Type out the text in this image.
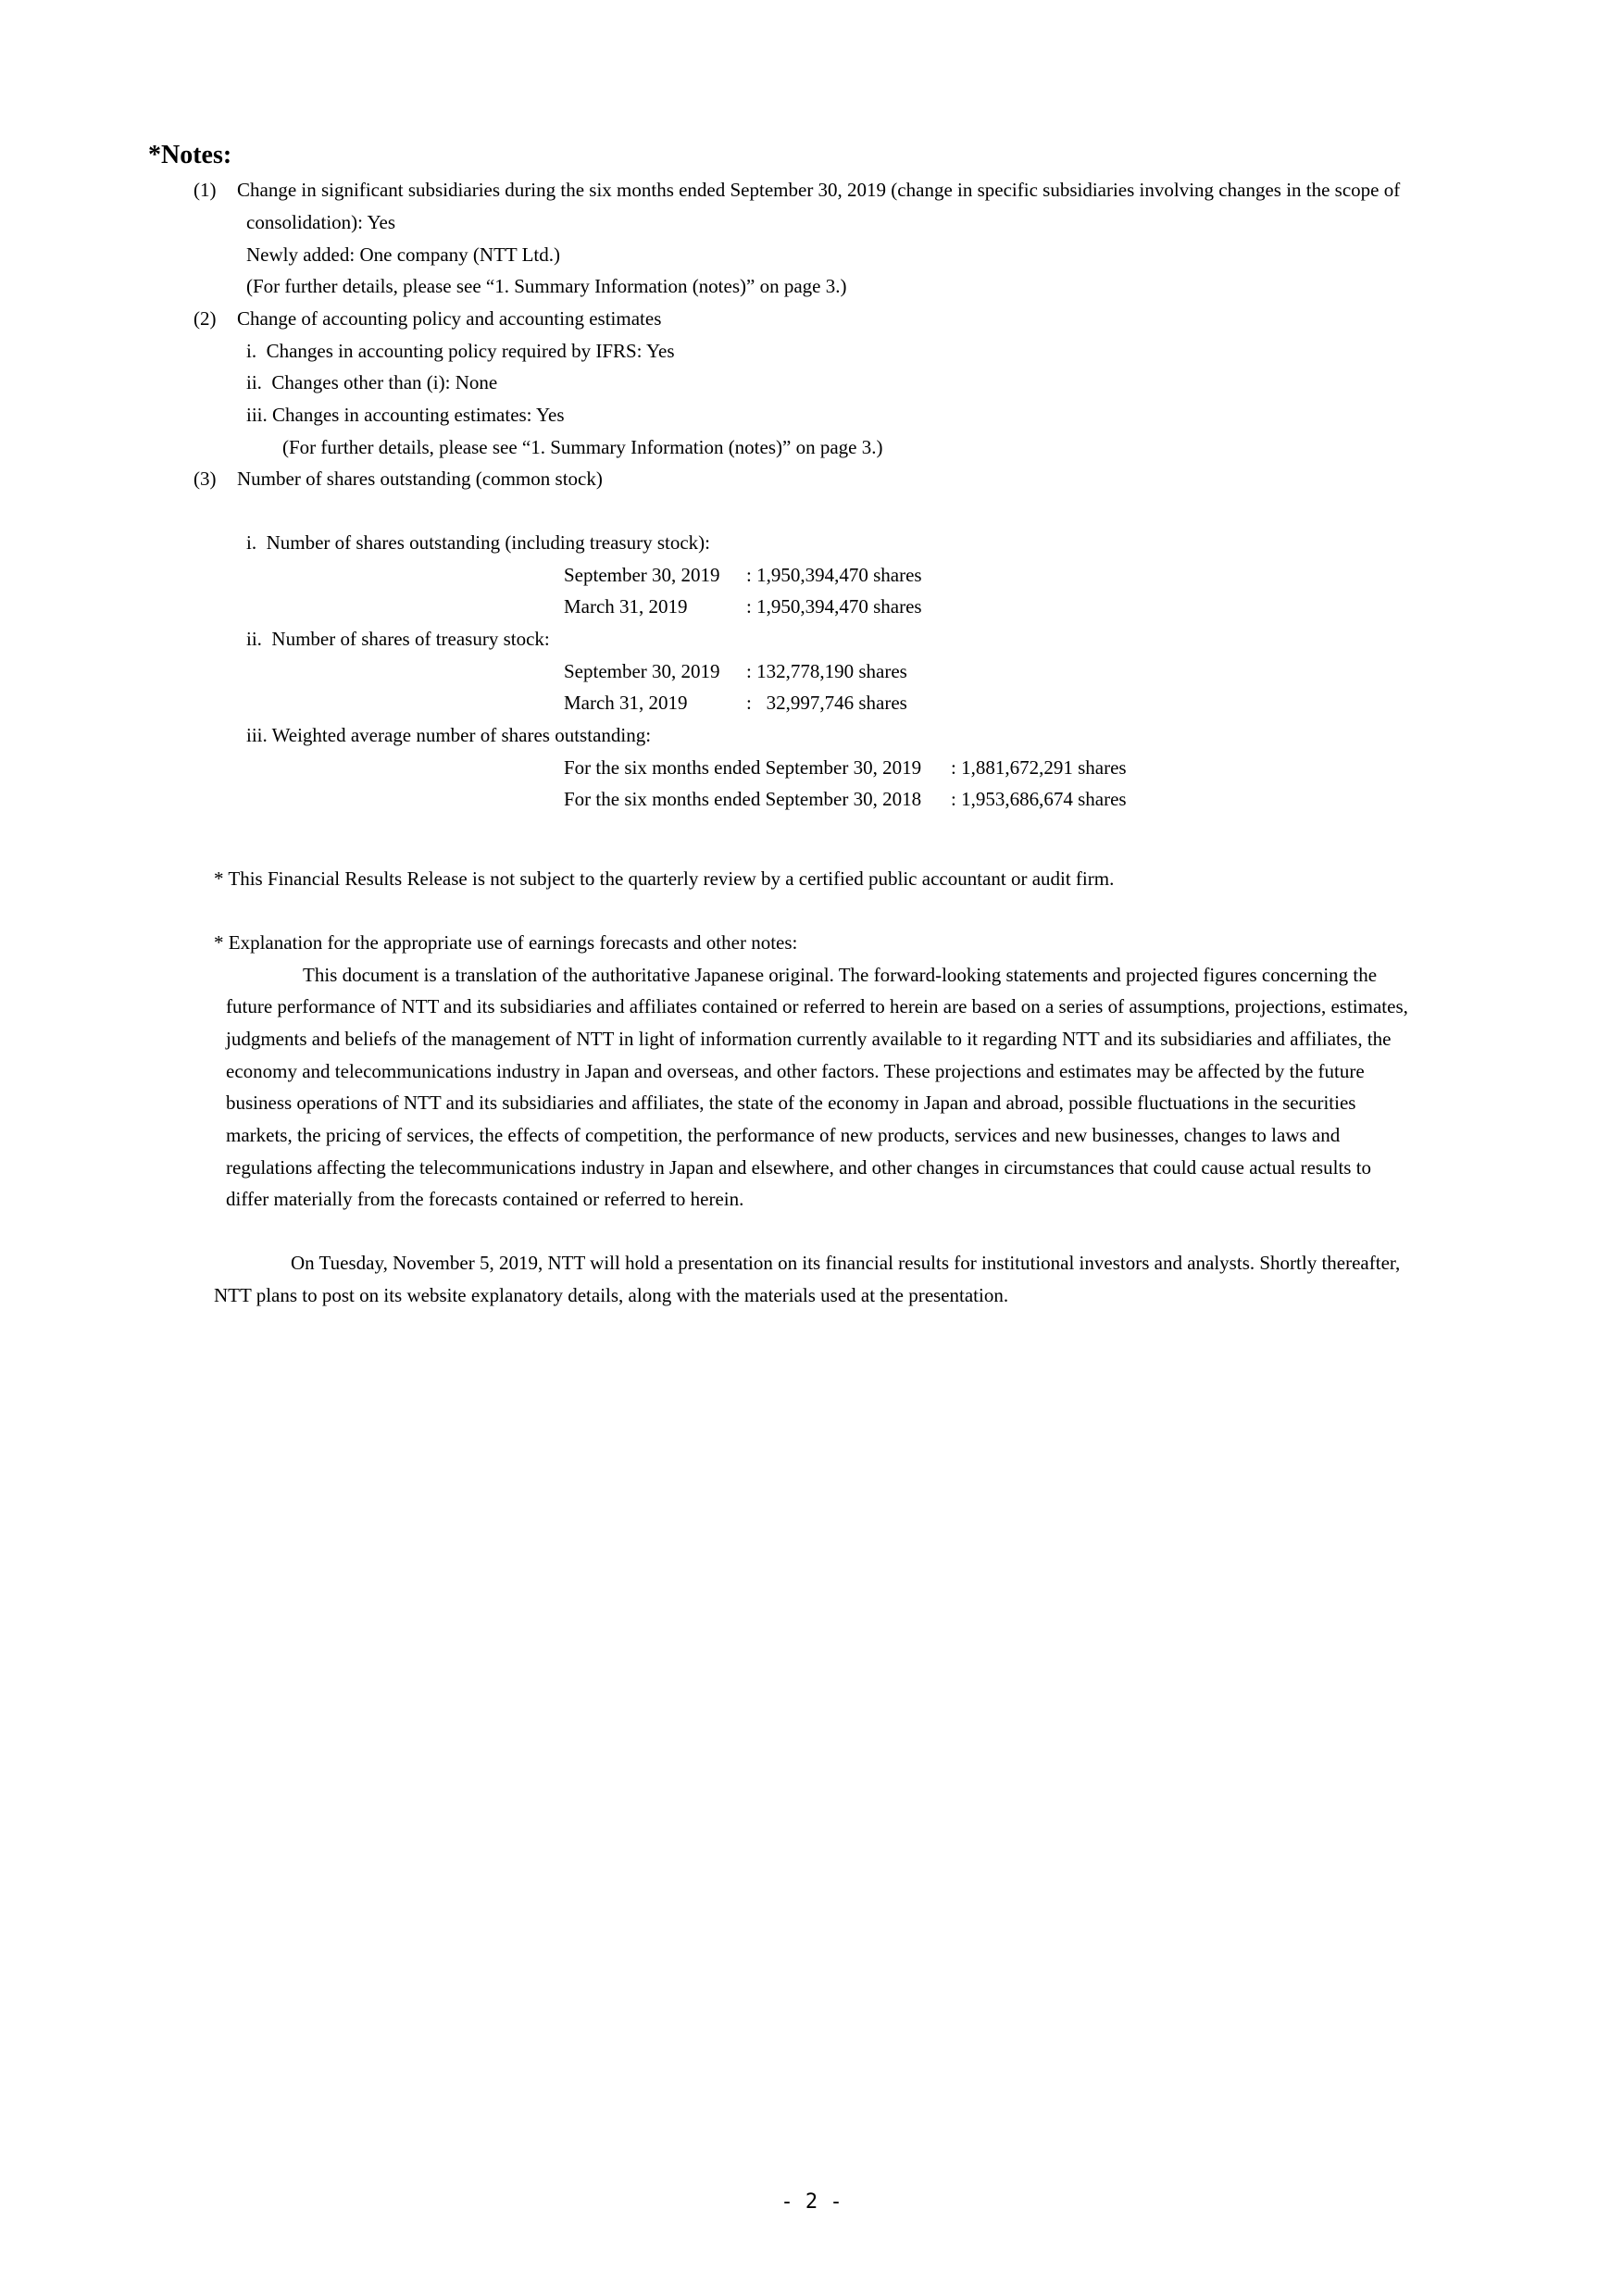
*Notes:
(1) Change in significant subsidiaries during the six months ended September 30, 2019 (change in specific subsidiaries involving changes in the scope of
consolidation): Yes
Newly added: One company (NTT Ltd.)
(For further details, please see “1. Summary Information (notes)” on page 3.)
(2) Change of accounting policy and accounting estimates
i.  Changes in accounting policy required by IFRS: Yes
ii.  Changes other than (i): None
iii. Changes in accounting estimates: Yes
(For further details, please see “1. Summary Information (notes)” on page 3.)
(3) Number of shares outstanding (common stock)
i.  Number of shares outstanding (including treasury stock):
September 30, 2019 : 1,950,394,470 shares
March 31, 2019	: 1,950,394,470 shares
ii.  Number of shares of treasury stock:
September 30, 2019 : 132,778,190 shares
March 31, 2019	:   32,997,746 shares
iii. Weighted average number of shares outstanding:
For the six months ended September 30, 2019 : 1,881,672,291 shares
For the six months ended September 30, 2018 : 1,953,686,674 shares
* This Financial Results Release is not subject to the quarterly review by a certified public accountant or audit firm.
* Explanation for the appropriate use of earnings forecasts and other notes:
This document is a translation of the authoritative Japanese original. The forward-looking statements and projected figures concerning the
future performance of NTT and its subsidiaries and affiliates contained or referred to herein are based on a series of assumptions, projections, estimates,
judgments and beliefs of the management of NTT in light of information currently available to it regarding NTT and its subsidiaries and affiliates, the
economy and telecommunications industry in Japan and overseas, and other factors. These projections and estimates may be affected by the future
business operations of NTT and its subsidiaries and affiliates, the state of the economy in Japan and abroad, possible fluctuations in the securities
markets, the pricing of services, the effects of competition, the performance of new products, services and new businesses, changes to laws and
regulations affecting the telecommunications industry in Japan and elsewhere, and other changes in circumstances that could cause actual results to
differ materially from the forecasts contained or referred to herein.
On Tuesday, November 5, 2019, NTT will hold a presentation on its financial results for institutional investors and analysts. Shortly thereafter,
NTT plans to post on its website explanatory details, along with the materials used at the presentation.
- 2 -
